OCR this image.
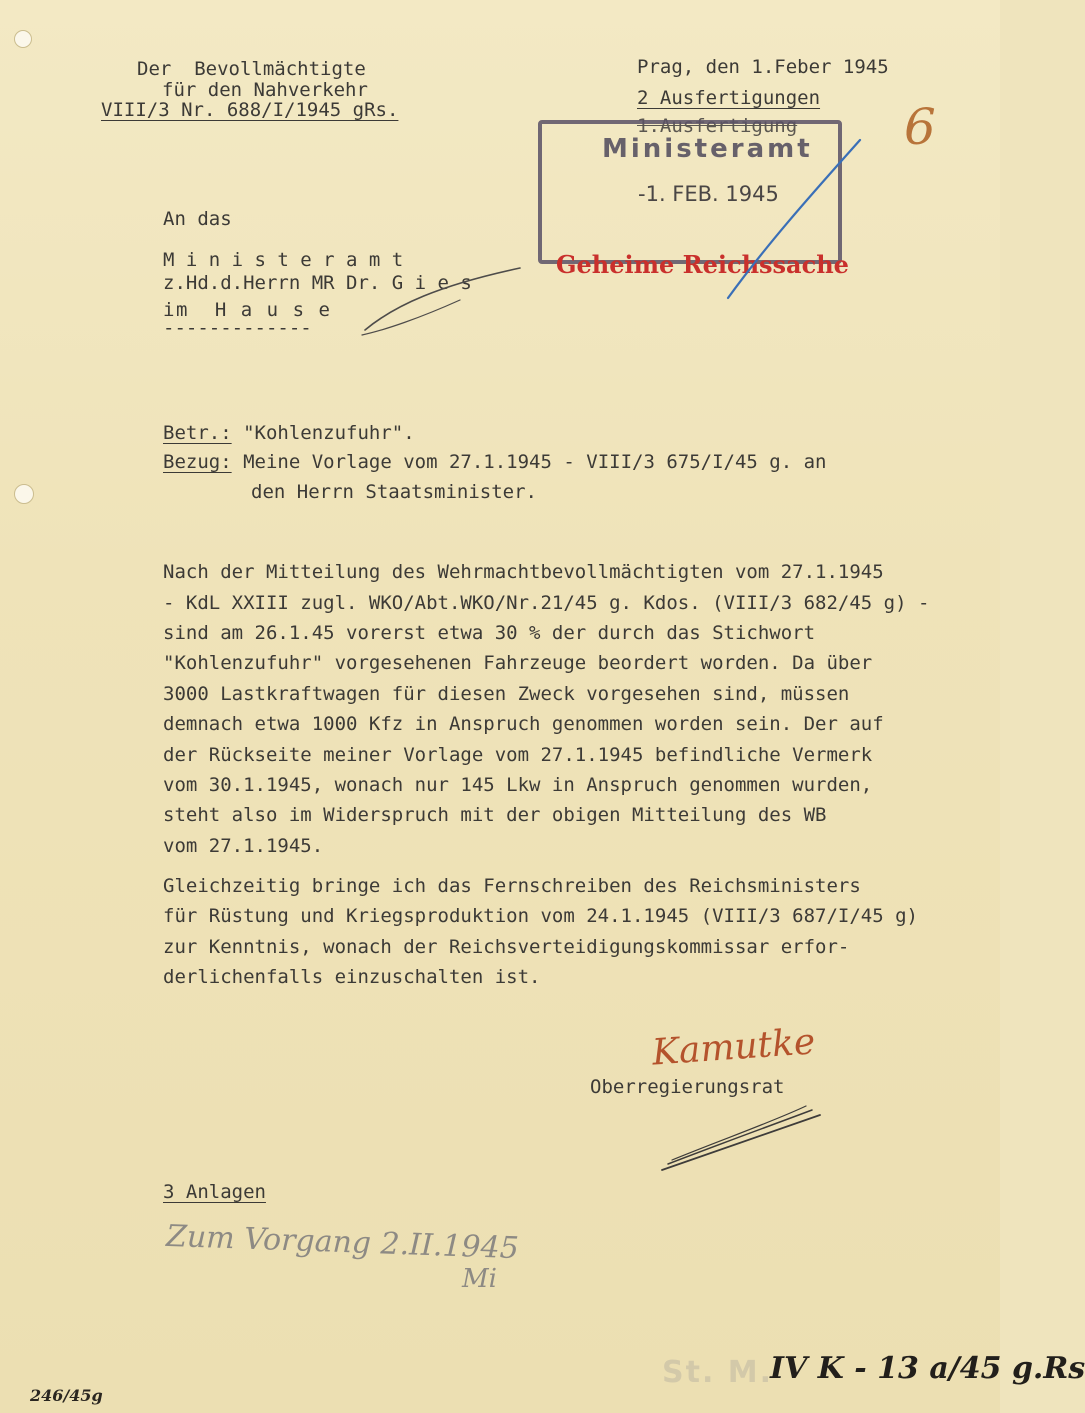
Der  Bevollmächtigte
für den Nahverkehr
VIII/3 Nr. 688/I/1945 gRs.
Prag, den 1.Feber 1945
2 Ausfertigungen
1.Ausfertigung
Ministeramt
-1. FEB. 1945
Geheime Reichssache
6
An das
M i n i s t e r a m t
z.Hd.d.Herrn MR Dr. G i e s
im  H a u s e
-------------
Betr.: "Kohlenzufuhr".
Bezug: Meine Vorlage vom 27.1.1945 - VIII/3 675/I/45 g. an
den Herrn Staatsminister.
Nach der Mitteilung des Wehrmachtbevollmächtigten vom 27.1.1945
- KdL XXIII zugl. WKO/Abt.WKO/Nr.21/45 g. Kdos. (VIII/3 682/45 g) -
sind am 26.1.45 vorerst etwa 30 % der durch das Stichwort
"Kohlenzufuhr" vorgesehenen Fahrzeuge beordert worden. Da über
3000 Lastkraftwagen für diesen Zweck vorgesehen sind, müssen
demnach etwa 1000 Kfz in Anspruch genommen worden sein. Der auf
der Rückseite meiner Vorlage vom 27.1.1945 befindliche Vermerk
vom 30.1.1945, wonach nur 145 Lkw in Anspruch genommen wurden,
steht also im Widerspruch mit der obigen Mitteilung des WB
vom 27.1.1945.
Gleichzeitig bringe ich das Fernschreiben des Reichsministers
für Rüstung und Kriegsproduktion vom 24.1.1945 (VIII/3 687/I/45 g)
zur Kenntnis, wonach der Reichsverteidigungskommissar erfor-
derlichenfalls einzuschalten ist.
Kamutke
Oberregierungsrat
3 Anlagen
Zum Vorgang 2.II.1945
Mi
246/45g
St. M.
IV K - 13 a/45 g.Rs
